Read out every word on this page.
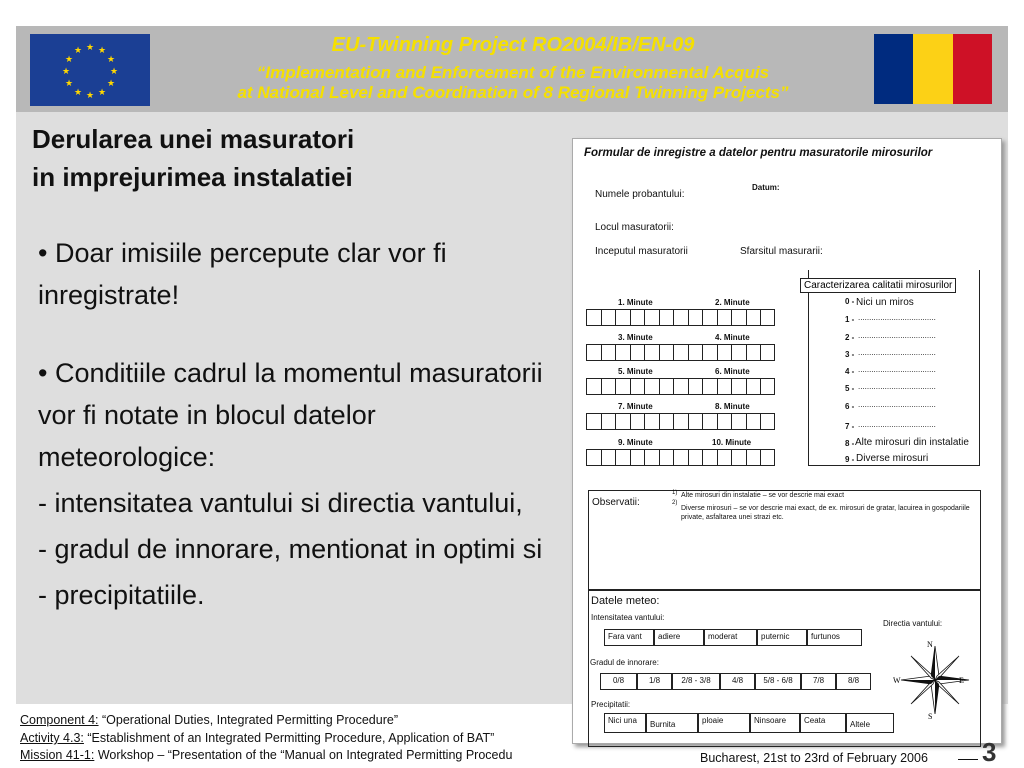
★ ★
★
★
★
★
★
★
★
★
★
★	EU-Twinning Project RO2004/IB/EN-09
“Implementation and Enforcement of the Environmental Acquis
at National Level and Coordination of 8 Regional Twinning Projects”
Derularea unei masuratori
in imprejurimea instalatiei

• Doar imisiile percepute clar vor fi inregistrate!

• Conditiile cadrul la momentul masuratorii vor fi notate in blocul datelor meteorologice:

- intensitatea vantului si directia vantului,

- gradul de innorare, mentionat in optimi si

- precipitatiile.

Formular de inregistre a datelor pentru masuratorile mirosurilor
Numele probantului:
Datum:
Locul masuratorii:
Inceputul masuratorii	Sfarsitul masurarii:
1. Minute	2. Minute
3. Minute	4. Minute
5. Minute	6. Minute
7. Minute	8. Minute
9. Minute	10. Minute
Caracterizarea calitatii mirosurilor
0 - Nici un miros
1 - ...................................
2 - ...................................
3 - ...................................
4 - ...................................
5 - ...................................
6 - ...................................
7 - ...................................
8 - Alte mirosuri din instalatie
9 - Diverse mirosuri
Observatii:
1) Alte mirosuri din instalatie – se vor descrie mai exact
2)
Diverse mirosuri – se vor descrie mai exact, de ex. mirosuri de gratar, lacuirea in gospodariile private, asfaltarea unei strazi etc.
Datele meteo:
Intensitatea vantului:
Directia vantului:
Fara vant	adiere	moderat	puternic	furtunos
Gradul de innorare:
0/8	1/8	2/8 - 3/8	4/8	5/8 - 6/8	7/8	8/8
Precipitatii:
Nici una	Burnita	ploaie	Ninsoare	Ceata	Altele
N
E
S
W
Component 4: “Operational Duties, Integrated Permitting Procedure”
Activity 4.3: “Establishment of an Integrated Permitting Procedure, Application of BAT”
Mission 41-1: Workshop – “Presentation of the “Manual on Integrated Permitting Procedu	Bucharest, 21st to 23rd of February 2006 3
